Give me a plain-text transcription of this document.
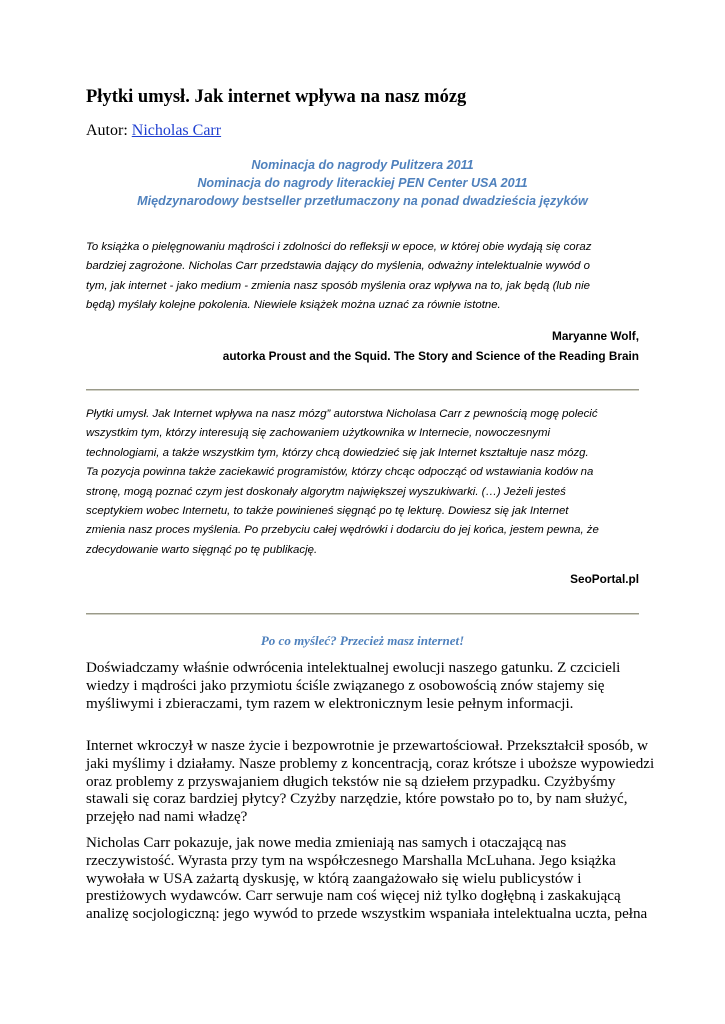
Płytki umysł. Jak internet wpływa na nasz mózg
Autor: Nicholas Carr
Nominacja do nagrody Pulitzera 2011
Nominacja do nagrody literackiej PEN Center USA 2011
Międzynarodowy bestseller przetłumaczony na ponad dwadzieścia języków
To książka o pielęgnowaniu mądrości i zdolności do refleksji w epoce, w której obie wydają się coraz
bardziej zagrożone. Nicholas Carr przedstawia dający do myślenia, odważny intelektualnie wywód o
tym, jak internet - jako medium - zmienia nasz sposób myślenia oraz wpływa na to, jak będą (lub nie
będą) myślały kolejne pokolenia. Niewiele książek można uznać za równie istotne.
Maryanne Wolf,
autorka Proust and the Squid. The Story and Science of the Reading Brain
Płytki umysł. Jak Internet wpływa na nasz mózg” autorstwa Nicholasa Carr z pewnością mogę polecić
wszystkim tym, którzy interesują się zachowaniem użytkownika w Internecie, nowoczesnymi
technologiami, a także wszystkim tym, którzy chcą dowiedzieć się jak Internet kształtuje nasz mózg.
Ta pozycja powinna także zaciekawić programistów, którzy chcąc odpocząć od wstawiania kodów na
stronę, mogą poznać czym jest doskonały algorytm największej wyszukiwarki. (…) Jeżeli jesteś
sceptykiem wobec Internetu, to także powinieneś sięgnąć po tę lekturę. Dowiesz się jak Internet
zmienia nasz proces myślenia. Po przebyciu całej wędrówki i dodarciu do jej końca, jestem pewna, że
zdecydowanie warto sięgnąć po tę publikację.
SeoPortal.pl
Po co myśleć? Przecież masz internet!
Doświadczamy właśnie odwrócenia intelektualnej ewolucji naszego gatunku. Z czcicieli
wiedzy i mądrości jako przymiotu ściśle związanego z osobowością znów stajemy się
myśliwymi i zbieraczami, tym razem w elektronicznym lesie pełnym informacji.
Internet wkroczył w nasze życie i bezpowrotnie je przewartościował. Przekształcił sposób, w
jaki myślimy i działamy. Nasze problemy z koncentracją, coraz krótsze i uboższe wypowiedzi
oraz problemy z przyswajaniem długich tekstów nie są dziełem przypadku. Czyżbyśmy
stawali się coraz bardziej płytcy? Czyżby narzędzie, które powstało po to, by nam służyć,
przejęło nad nami władzę?
Nicholas Carr pokazuje, jak nowe media zmieniają nas samych i otaczającą nas
rzeczywistość. Wyrasta przy tym na współczesnego Marshalla McLuhana. Jego książka
wywołała w USA zażartą dyskusję, w którą zaangażowało się wielu publicystów i
prestiżowych wydawców. Carr serwuje nam coś więcej niż tylko dogłębną i zaskakującą
analizę socjologiczną: jego wywód to przede wszystkim wspaniała intelektualna uczta, pełna
